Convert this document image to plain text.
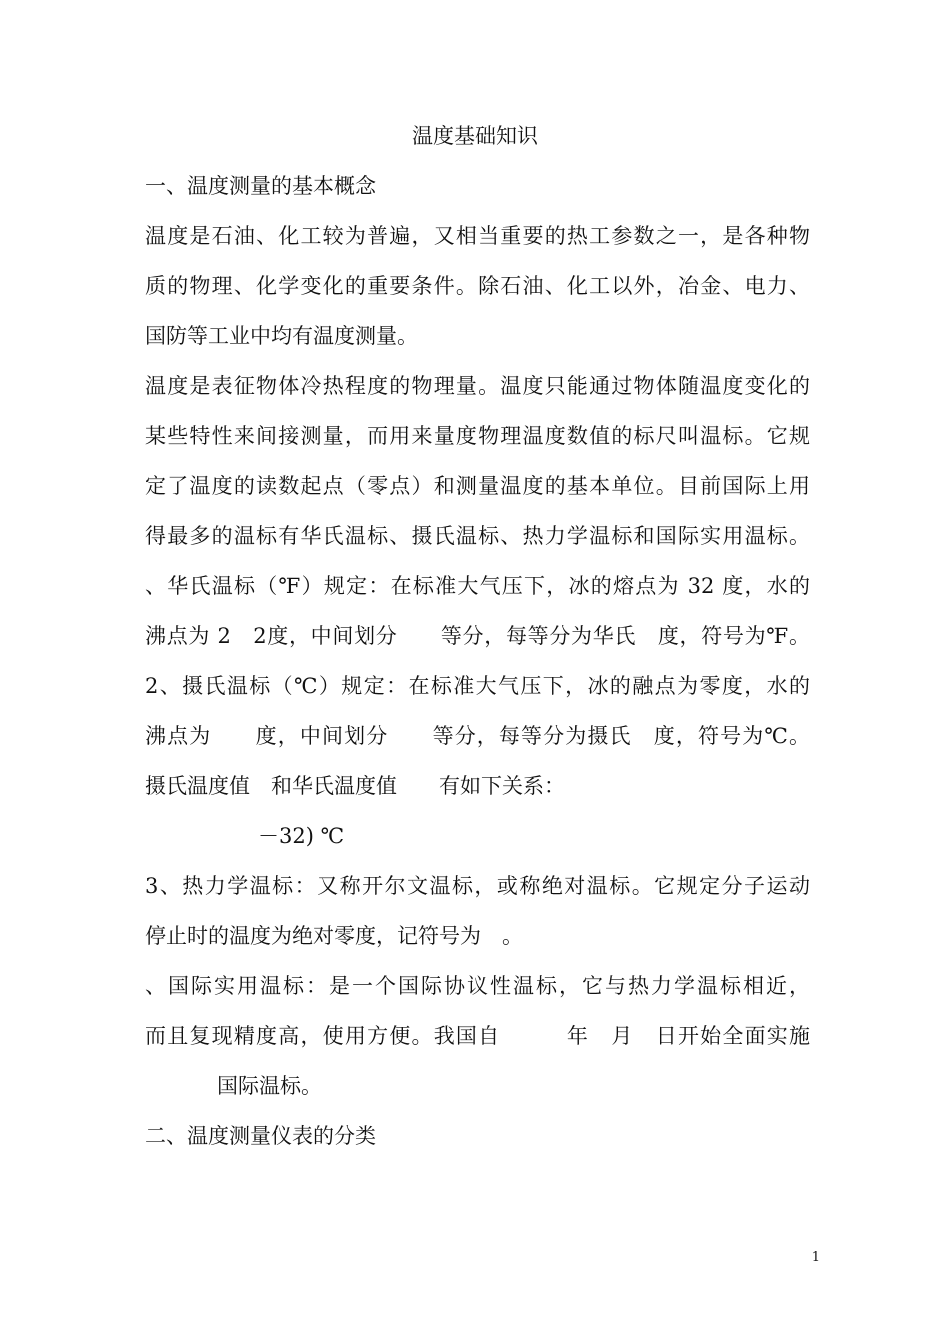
温度基础知识
一、温度测量的基本概念
温度是石油、化工较为普遍，又相当重要的热工参数之一，是各种物
质的物理、化学变化的重要条件。除石油、化工以外，冶金、电力、
国防等工业中均有温度测量。
温度是表征物体冷热程度的物理量。温度只能通过物体随温度变化的
某些特性来间接测量，而用来量度物理温度数值的标尺叫温标。它规
定了温度的读数起点（零点）和测量温度的基本单位。目前国际上用
得最多的温标有华氏温标、摄氏温标、热力学温标和国际实用温标。
、华氏温标（℉）规定：在标准大气压下，冰的熔点为 32 度，水的
沸点为 2　2度，中间划分　　等分，每等分为华氏　度，符号为℉。
2、摄氏温标（℃）规定：在标准大气压下，冰的融点为零度，水的
沸点为　　度，中间划分　　等分，每等分为摄氏　度，符号为℃。
摄氏温度值　和华氏温度值　　有如下关系：
－32) ℃
3、热力学温标：又称开尔文温标，或称绝对温标。它规定分子运动
停止时的温度为绝对零度，记符号为　。
、国际实用温标：是一个国际协议性温标，它与热力学温标相近，
而且复现精度高，使用方便。我国自　　　年　月　日开始全面实施
国际温标。
二、温度测量仪表的分类
1
